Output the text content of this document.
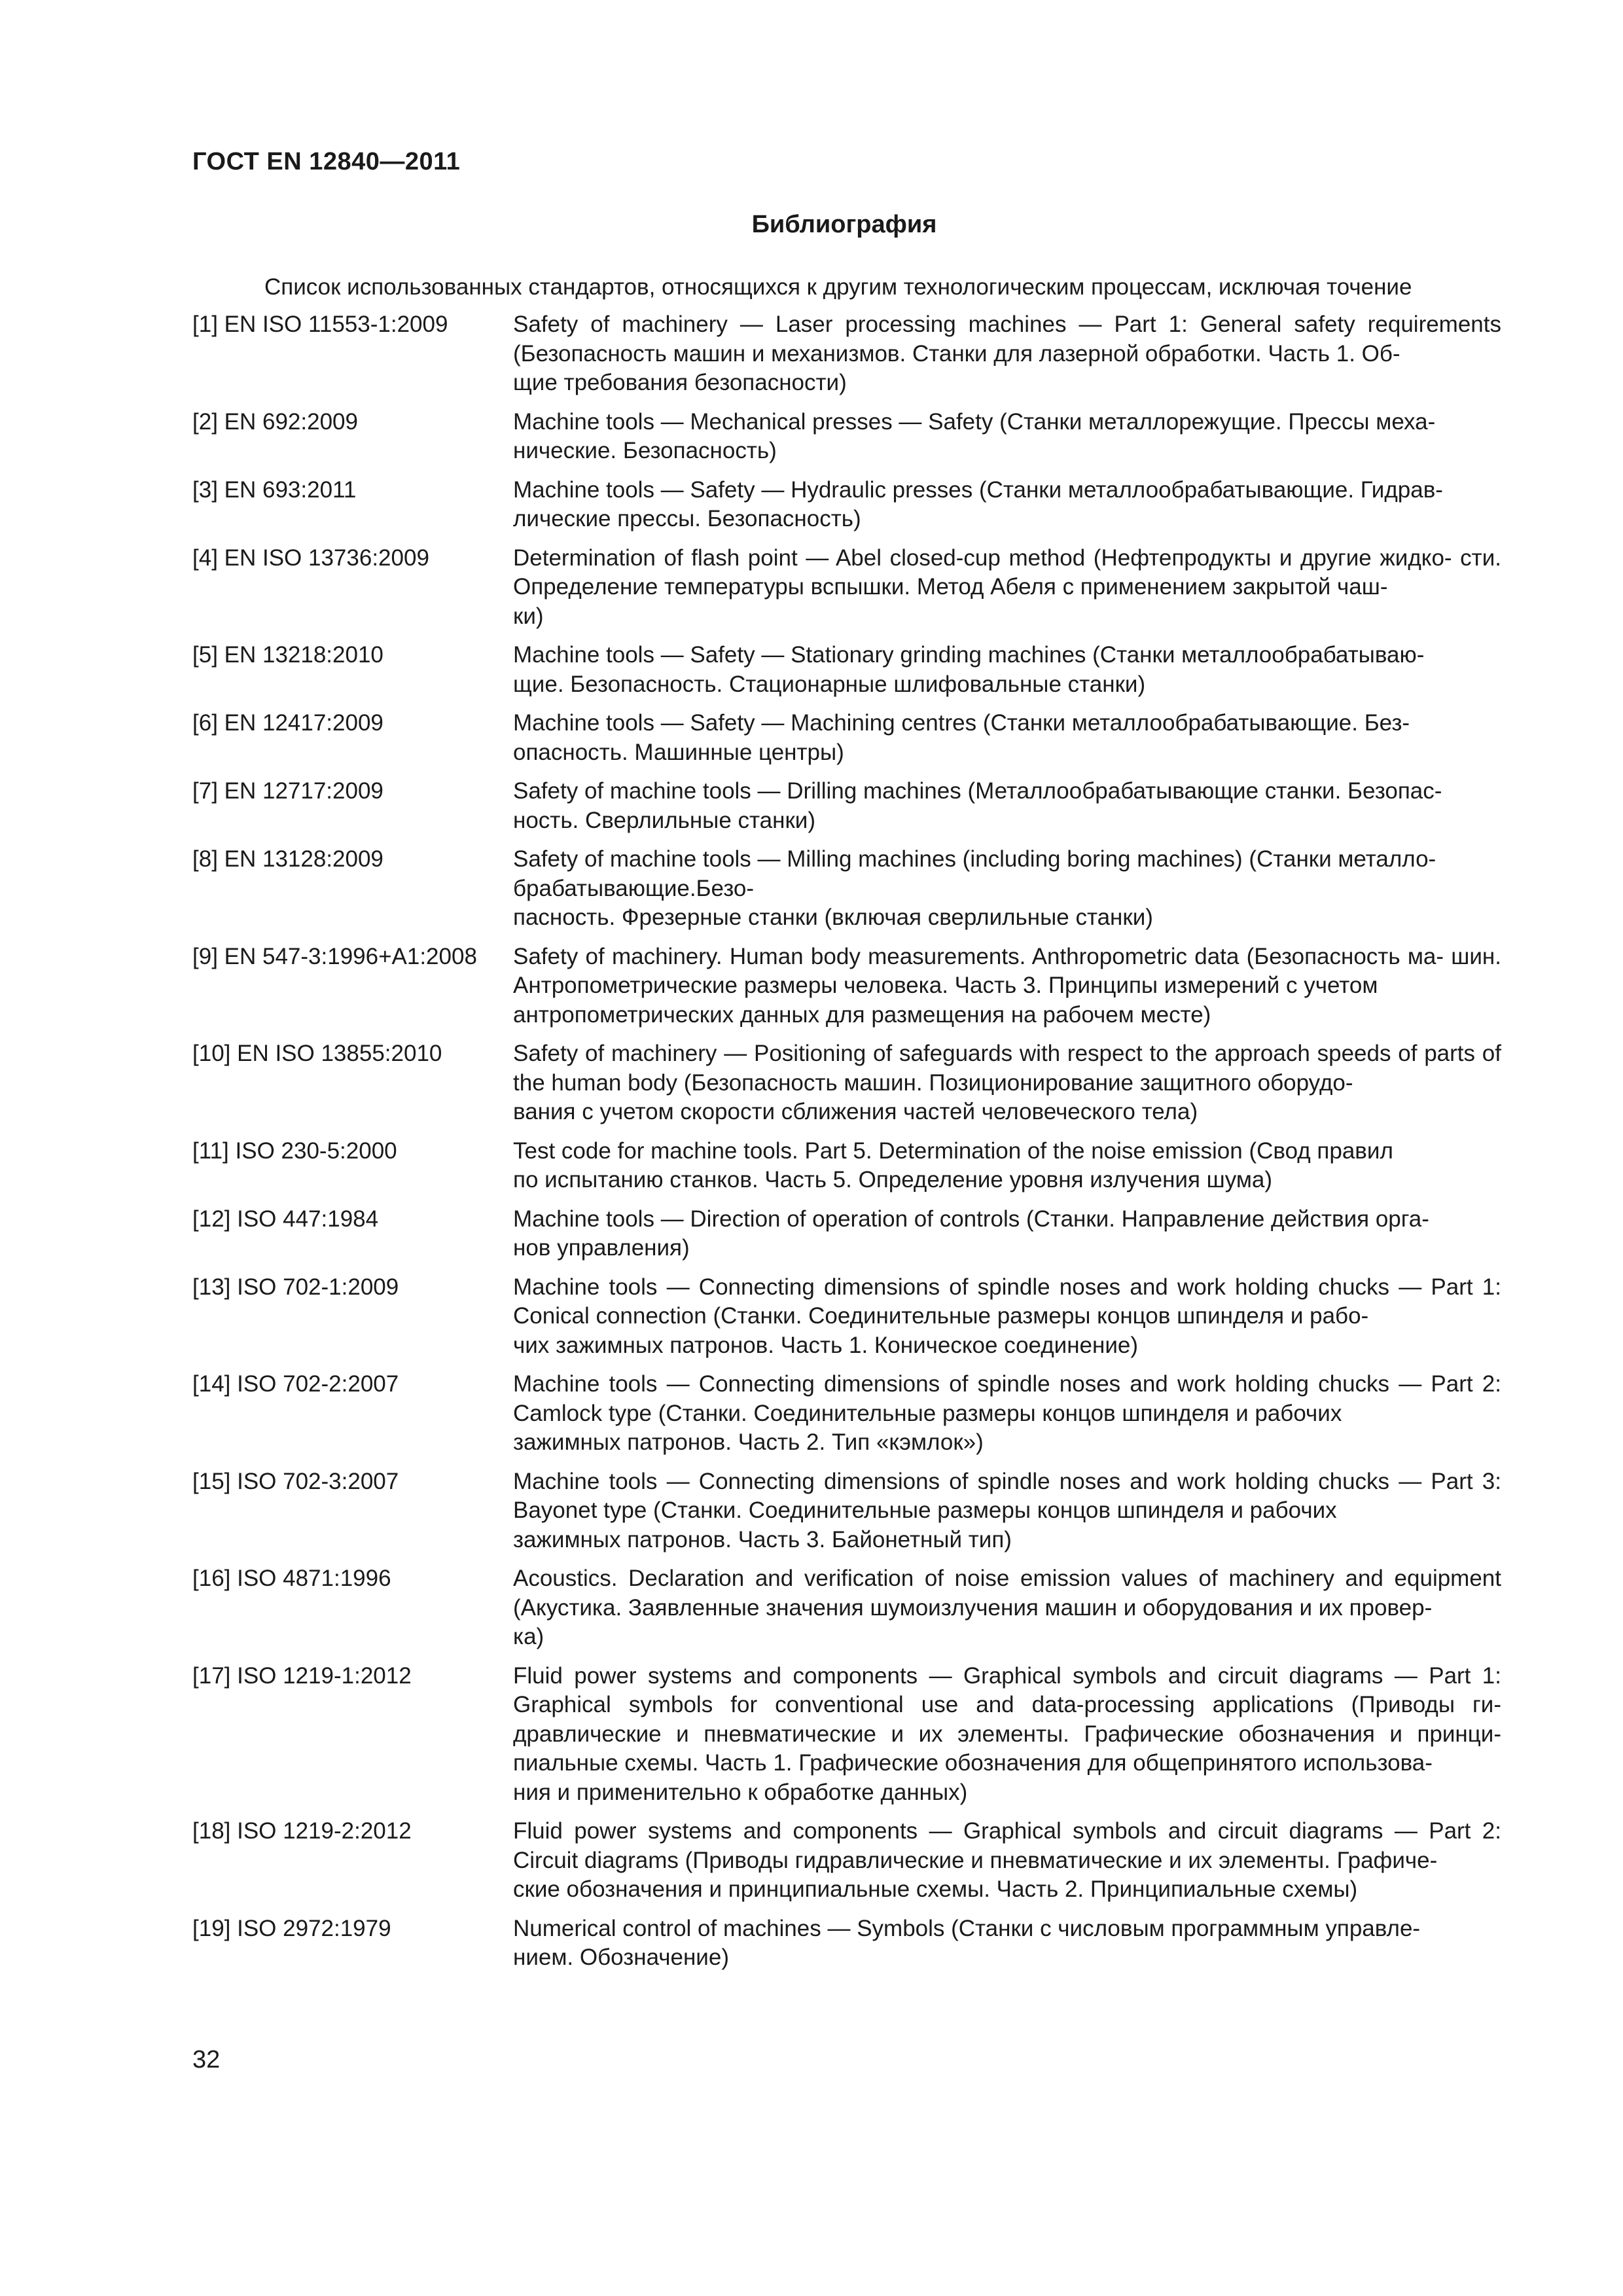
ГОСТ EN 12840—2011
Библиография
Список использованных стандартов, относящихся к другим технологическим процессам, исключая точение
[1] EN ISO 11553-1:2009	Safety of machinery — Laser processing machines — Part 1: General safety requirements (Безопасность машин и механизмов. Станки для лазерной обработки. Часть 1. Об-
щие требования безопасности)
[2] EN 692:2009	Machine tools — Mechanical presses — Safety (Станки металлорежущие. Прессы меха-
нические. Безопасность)
[3] EN 693:2011	Machine tools — Safety — Hydraulic presses (Станки металлообрабатывающие. Гидрав-
лические прессы. Безопасность)
[4] EN ISO 13736:2009	Determination of flash point — Abel closed-cup method (Нефтепродукты и другие жидко- сти. Определение температуры вспышки. Метод Абеля с применением закрытой чаш-
ки)
[5] EN 13218:2010	Machine tools — Safety — Stationary grinding machines (Станки металлообрабатываю-
щие. Безопасность. Стационарные шлифовальные станки)
[6] EN 12417:2009	Machine tools — Safety — Machining centres (Станки металлообрабатывающие. Без-
опасность. Машинные центры)
[7] EN 12717:2009	Safety of machine tools — Drilling machines (Металлообрабатывающие станки. Безопас-
ность. Сверлильные станки)
[8] EN 13128:2009	Safety of machine tools — Milling machines (including boring machines) (Станки металло-
брабатывающие.Безо-
пасность. Фрезерные станки (включая сверлильные станки)
[9] EN 547-3:1996+A1:2008	Safety of machinery. Human body measurements. Anthropometric data (Безопасность ма- шин. Антропометрические размеры человека. Часть 3. Принципы измерений с учетом
антропометрических данных для размещения на рабочем месте)
[10] EN ISO 13855:2010	Safety of machinery — Positioning of safeguards with respect to the approach speeds of parts of the human body (Безопасность машин. Позиционирование защитного оборудо-
вания с учетом скорости сближения частей человеческого тела)
[11] ISO 230-5:2000	Test code for machine tools. Part 5. Determination of the noise emission (Свод правил
по испытанию станков. Часть 5. Определение уровня излучения шума)
[12] ISO 447:1984	Machine tools — Direction of operation of controls (Станки. Направление действия орга-
нов управления)
[13] ISO 702-1:2009	Machine tools — Connecting dimensions of spindle noses and work holding chucks — Part 1: Conical connection (Станки. Соединительные размеры концов шпинделя и рабо-
чих зажимных патронов. Часть 1. Коническое соединение)
[14] ISO 702-2:2007	Machine tools — Connecting dimensions of spindle noses and work holding chucks — Part 2: Camlock type (Станки. Соединительные размеры концов шпинделя и рабочих
зажимных патронов. Часть 2. Тип «кэмлок»)
[15] ISO 702-3:2007	Machine tools — Connecting dimensions of spindle noses and work holding chucks — Part 3: Bayonet type (Станки. Соединительные размеры концов шпинделя и рабочих
зажимных патронов. Часть 3. Байонетный тип)
[16] ISO 4871:1996	Acoustics. Declaration and verification of noise emission values of machinery and equipment (Акустика. Заявленные значения шумоизлучения машин и оборудования и их провер-
ка)
[17] ISO 1219-1:2012	Fluid power systems and components — Graphical symbols and circuit diagrams — Part 1: Graphical symbols for conventional use and data-processing applications (Приводы ги- дравлические и пневматические и их элементы. Графические обозначения и принци- пиальные схемы. Часть 1. Графические обозначения для общепринятого использова-
ния и применительно к обработке данных)
[18] ISO 1219-2:2012	Fluid power systems and components — Graphical symbols and circuit diagrams — Part 2: Circuit diagrams (Приводы гидравлические и пневматические и их элементы. Графиче-
ские обозначения и принципиальные схемы. Часть 2. Принципиальные схемы)
[19] ISO 2972:1979	Numerical control of machines — Symbols (Станки с числовым программным управле-
нием. Обозначение)
32
